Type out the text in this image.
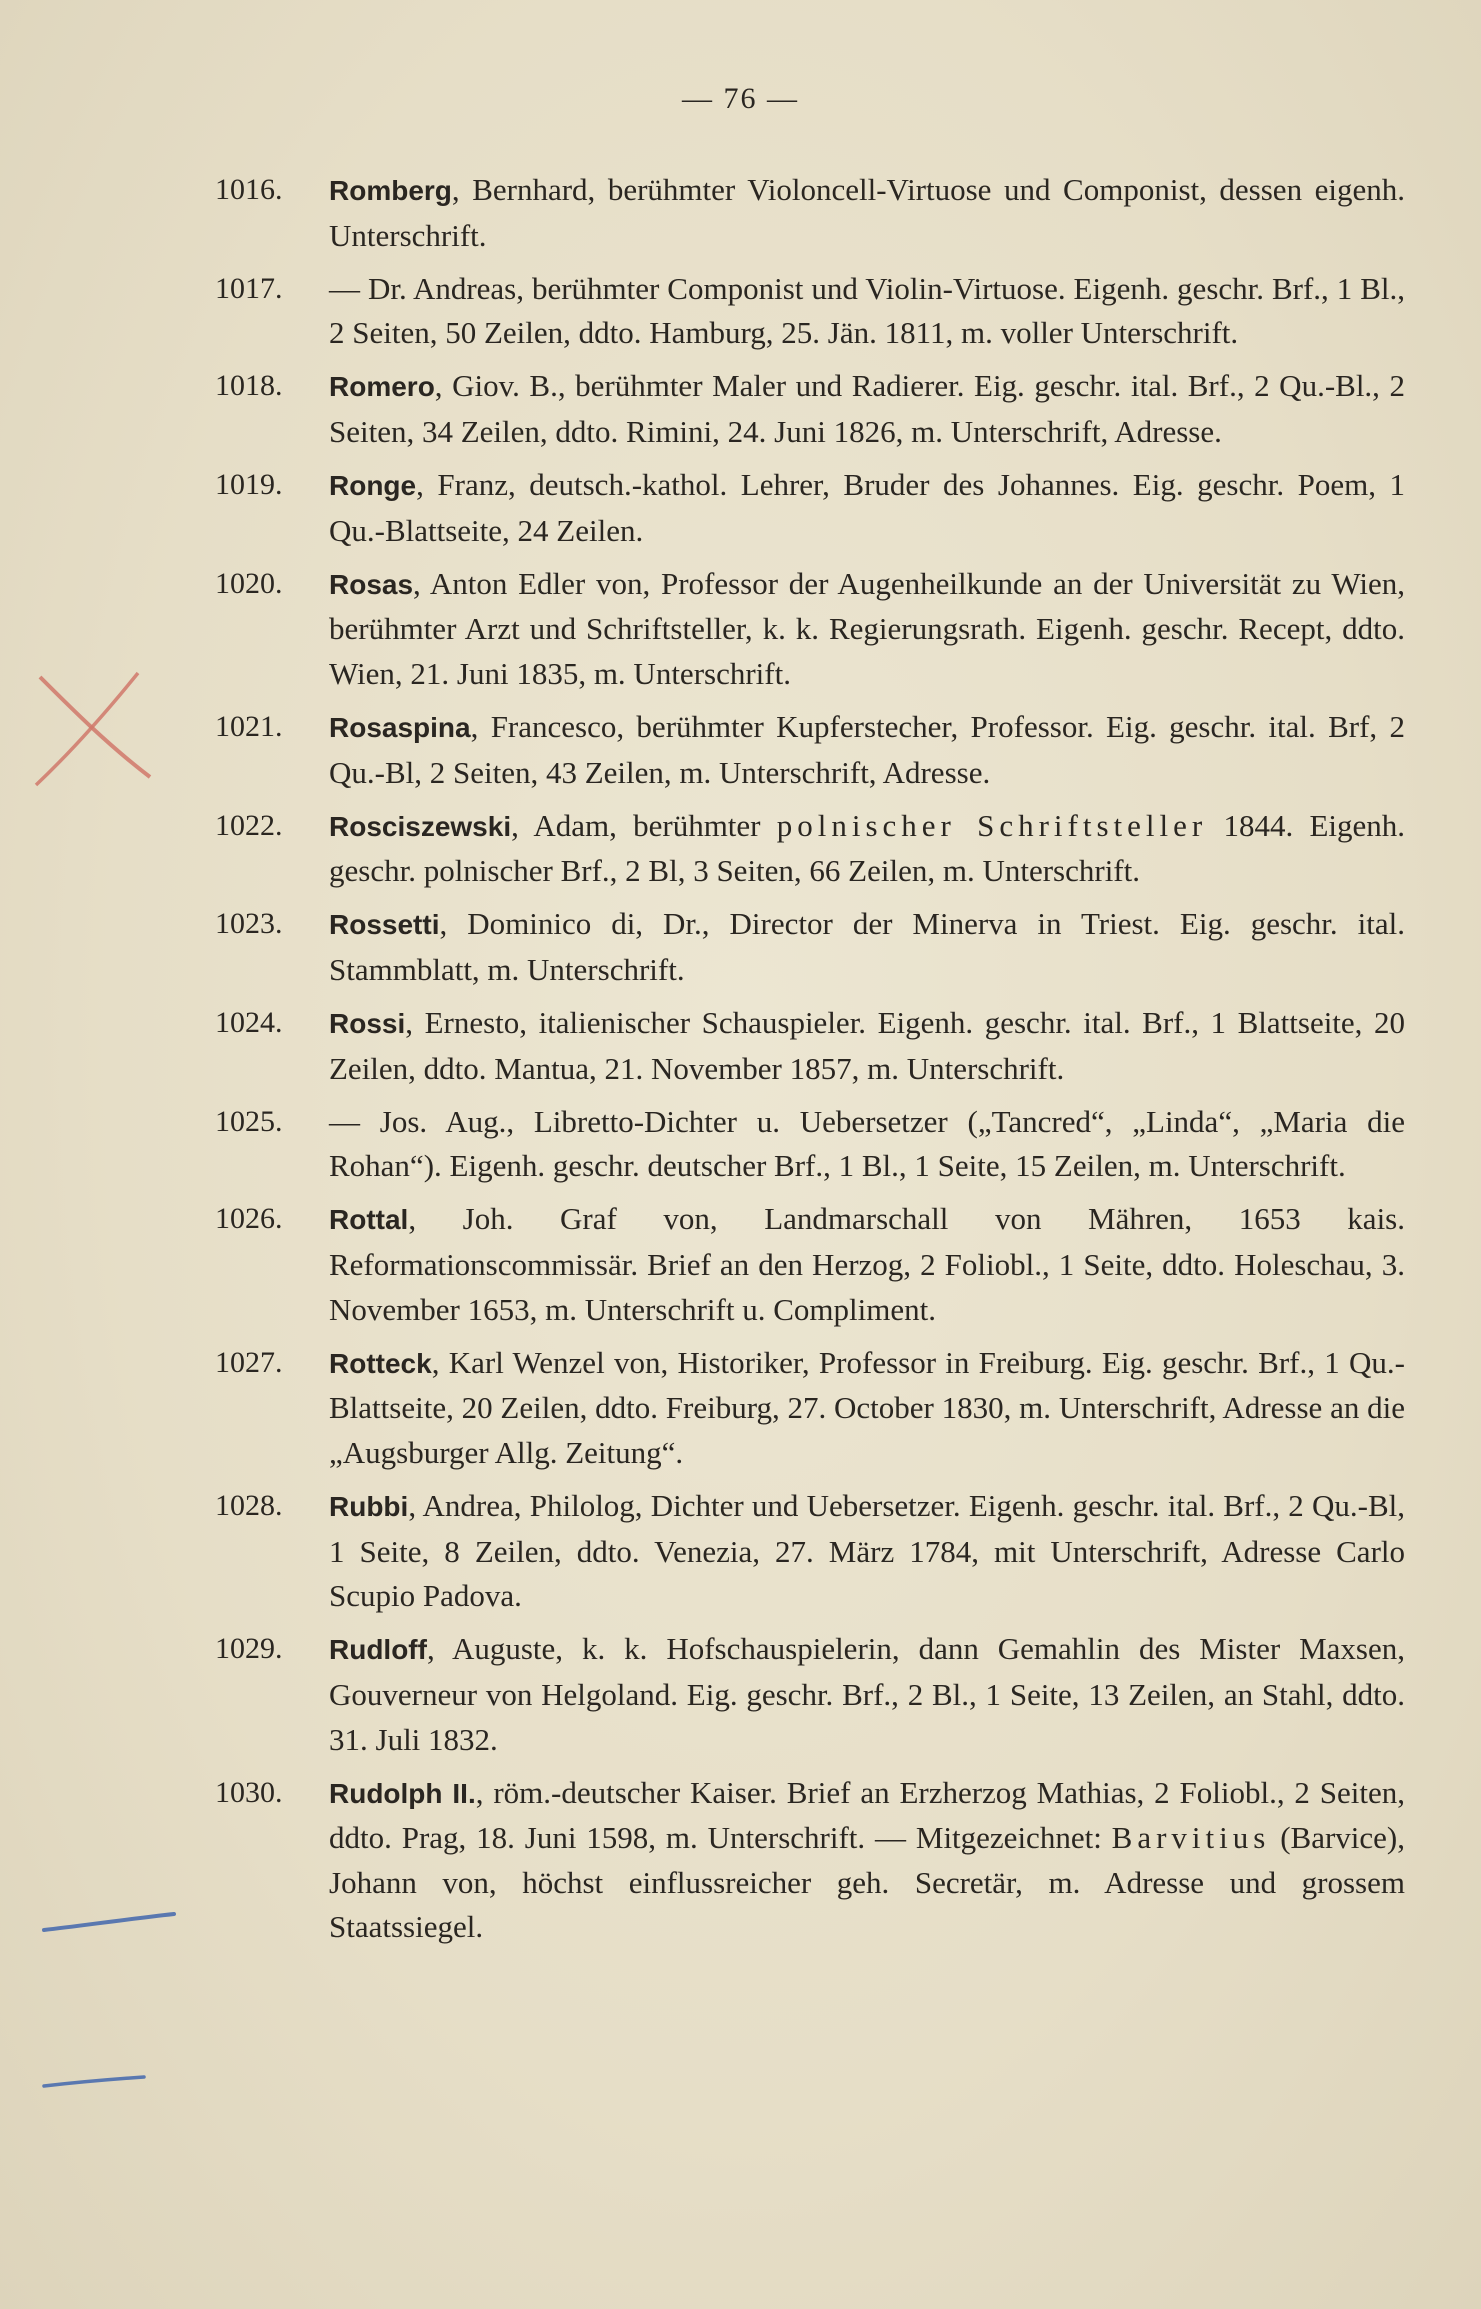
— 76 —
1016.	Romberg, Bernhard, berühmter Violoncell-Virtuose und Componist, dessen eigenh. Unterschrift.
1017.	— Dr. Andreas, berühmter Componist und Violin-Virtuose. Eigenh. geschr. Brf., 1 Bl., 2 Seiten, 50 Zeilen, ddto. Hamburg, 25. Jän. 1811, m. voller Unterschrift.
1018.	Romero, Giov. B., berühmter Maler und Radierer. Eig. geschr. ital. Brf., 2 Qu.-Bl., 2 Seiten, 34 Zeilen, ddto. Rimini, 24. Juni 1826, m. Unterschrift, Adresse.
1019.	Ronge, Franz, deutsch.-kathol. Lehrer, Bruder des Johannes. Eig. geschr. Poem, 1 Qu.-Blattseite, 24 Zeilen.
1020.	Rosas, Anton Edler von, Professor der Augenheilkunde an der Universität zu Wien, berühmter Arzt und Schriftsteller, k. k. Regierungsrath. Eigenh. geschr. Recept, ddto. Wien, 21. Juni 1835, m. Unterschrift.
1021.	Rosaspina, Francesco, berühmter Kupferstecher, Professor. Eig. geschr. ital. Brf, 2 Qu.-Bl, 2 Seiten, 43 Zeilen, m. Unterschrift, Adresse.
1022.	Rosciszewski, Adam, berühmter polnischer Schriftsteller 1844. Eigenh. geschr. polnischer Brf., 2 Bl, 3 Seiten, 66 Zeilen, m. Unterschrift.
1023.	Rossetti, Dominico di, Dr., Director der Minerva in Triest. Eig. geschr. ital. Stammblatt, m. Unterschrift.
1024.	Rossi, Ernesto, italienischer Schauspieler. Eigenh. geschr. ital. Brf., 1 Blattseite, 20 Zeilen, ddto. Mantua, 21. November 1857, m. Unterschrift.
1025.	— Jos. Aug., Libretto-Dichter u. Uebersetzer („Tancred“, „Linda“, „Maria die Rohan“). Eigenh. geschr. deutscher Brf., 1 Bl., 1 Seite, 15 Zeilen, m. Unterschrift.
1026.	Rottal, Joh. Graf von, Landmarschall von Mähren, 1653 kais. Reformationscommissär. Brief an den Herzog, 2 Foliobl., 1 Seite, ddto. Holeschau, 3. November 1653, m. Unterschrift u. Compliment.
1027.	Rotteck, Karl Wenzel von, Historiker, Professor in Freiburg. Eig. geschr. Brf., 1 Qu.-Blattseite, 20 Zeilen, ddto. Freiburg, 27. October 1830, m. Unterschrift, Adresse an die „Augsburger Allg. Zeitung“.
1028.	Rubbi, Andrea, Philolog, Dichter und Uebersetzer. Eigenh. geschr. ital. Brf., 2 Qu.-Bl, 1 Seite, 8 Zeilen, ddto. Venezia, 27. März 1784, mit Unterschrift, Adresse Carlo Scupio Padova.
1029.	Rudloff, Auguste, k. k. Hofschauspielerin, dann Gemahlin des Mister Maxsen, Gouverneur von Helgoland. Eig. geschr. Brf., 2 Bl., 1 Seite, 13 Zeilen, an Stahl, ddto. 31. Juli 1832.
1030.	Rudolph II., röm.-deutscher Kaiser. Brief an Erzherzog Mathias, 2 Foliobl., 2 Seiten, ddto. Prag, 18. Juni 1598, m. Unterschrift. — Mitgezeichnet: Barvitius (Barvice), Johann von, höchst einflussreicher geh. Secretär, m. Adresse und grossem Staatssiegel.
